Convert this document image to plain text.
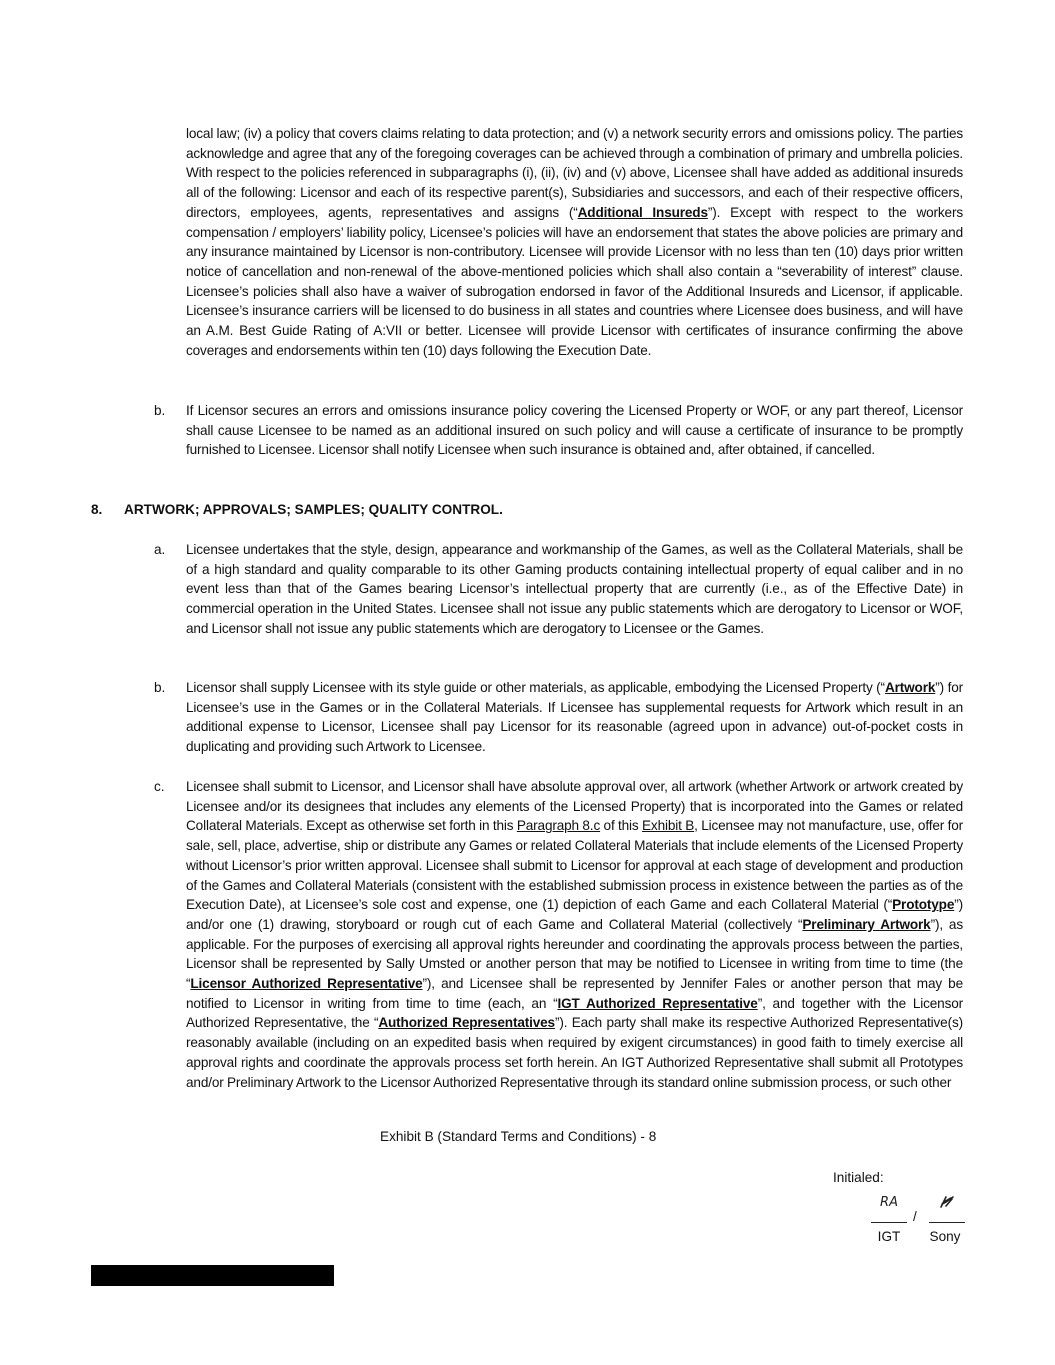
local law; (iv) a policy that covers claims relating to data protection; and (v) a network security errors and omissions policy. The parties acknowledge and agree that any of the foregoing coverages can be achieved through a combination of primary and umbrella policies. With respect to the policies referenced in subparagraphs (i), (ii), (iv) and (v) above, Licensee shall have added as additional insureds all of the following: Licensor and each of its respective parent(s), Subsidiaries and successors, and each of their respective officers, directors, employees, agents, representatives and assigns (“Additional Insureds”). Except with respect to the workers compensation / employers’ liability policy, Licensee’s policies will have an endorsement that states the above policies are primary and any insurance maintained by Licensor is non-contributory. Licensee will provide Licensor with no less than ten (10) days prior written notice of cancellation and non-renewal of the above-mentioned policies which shall also contain a “severability of interest” clause. Licensee’s policies shall also have a waiver of subrogation endorsed in favor of the Additional Insureds and Licensor, if applicable. Licensee’s insurance carriers will be licensed to do business in all states and countries where Licensee does business, and will have an A.M. Best Guide Rating of A:VII or better. Licensee will provide Licensor with certificates of insurance confirming the above coverages and endorsements within ten (10) days following the Execution Date.
b. If Licensor secures an errors and omissions insurance policy covering the Licensed Property or WOF, or any part thereof, Licensor shall cause Licensee to be named as an additional insured on such policy and will cause a certificate of insurance to be promptly furnished to Licensee. Licensor shall notify Licensee when such insurance is obtained and, after obtained, if cancelled.
8. ARTWORK; APPROVALS; SAMPLES; QUALITY CONTROL.
a. Licensee undertakes that the style, design, appearance and workmanship of the Games, as well as the Collateral Materials, shall be of a high standard and quality comparable to its other Gaming products containing intellectual property of equal caliber and in no event less than that of the Games bearing Licensor’s intellectual property that are currently (i.e., as of the Effective Date) in commercial operation in the United States. Licensee shall not issue any public statements which are derogatory to Licensor or WOF, and Licensor shall not issue any public statements which are derogatory to Licensee or the Games.
b. Licensor shall supply Licensee with its style guide or other materials, as applicable, embodying the Licensed Property (“Artwork”) for Licensee’s use in the Games or in the Collateral Materials. If Licensee has supplemental requests for Artwork which result in an additional expense to Licensor, Licensee shall pay Licensor for its reasonable (agreed upon in advance) out-of-pocket costs in duplicating and providing such Artwork to Licensee.
c. Licensee shall submit to Licensor, and Licensor shall have absolute approval over, all artwork (whether Artwork or artwork created by Licensee and/or its designees that includes any elements of the Licensed Property) that is incorporated into the Games or related Collateral Materials. Except as otherwise set forth in this Paragraph 8.c of this Exhibit B, Licensee may not manufacture, use, offer for sale, sell, place, advertise, ship or distribute any Games or related Collateral Materials that include elements of the Licensed Property without Licensor’s prior written approval. Licensee shall submit to Licensor for approval at each stage of development and production of the Games and Collateral Materials (consistent with the established submission process in existence between the parties as of the Execution Date), at Licensee’s sole cost and expense, one (1) depiction of each Game and each Collateral Material (“Prototype”) and/or one (1) drawing, storyboard or rough cut of each Game and Collateral Material (collectively “Preliminary Artwork”), as applicable. For the purposes of exercising all approval rights hereunder and coordinating the approvals process between the parties, Licensor shall be represented by Sally Umsted or another person that may be notified to Licensee in writing from time to time (the “Licensor Authorized Representative”), and Licensee shall be represented by Jennifer Fales or another person that may be notified to Licensor in writing from time to time (each, an “IGT Authorized Representative”, and together with the Licensor Authorized Representative, the “Authorized Representatives”). Each party shall make its respective Authorized Representative(s) reasonably available (including on an expedited basis when required by exigent circumstances) in good faith to timely exercise all approval rights and coordinate the approvals process set forth herein. An IGT Authorized Representative shall submit all Prototypes and/or Preliminary Artwork to the Licensor Authorized Representative through its standard online submission process, or such other
Exhibit B (Standard Terms and Conditions) - 8
Initialed:
RA
/
IGT	Sony
